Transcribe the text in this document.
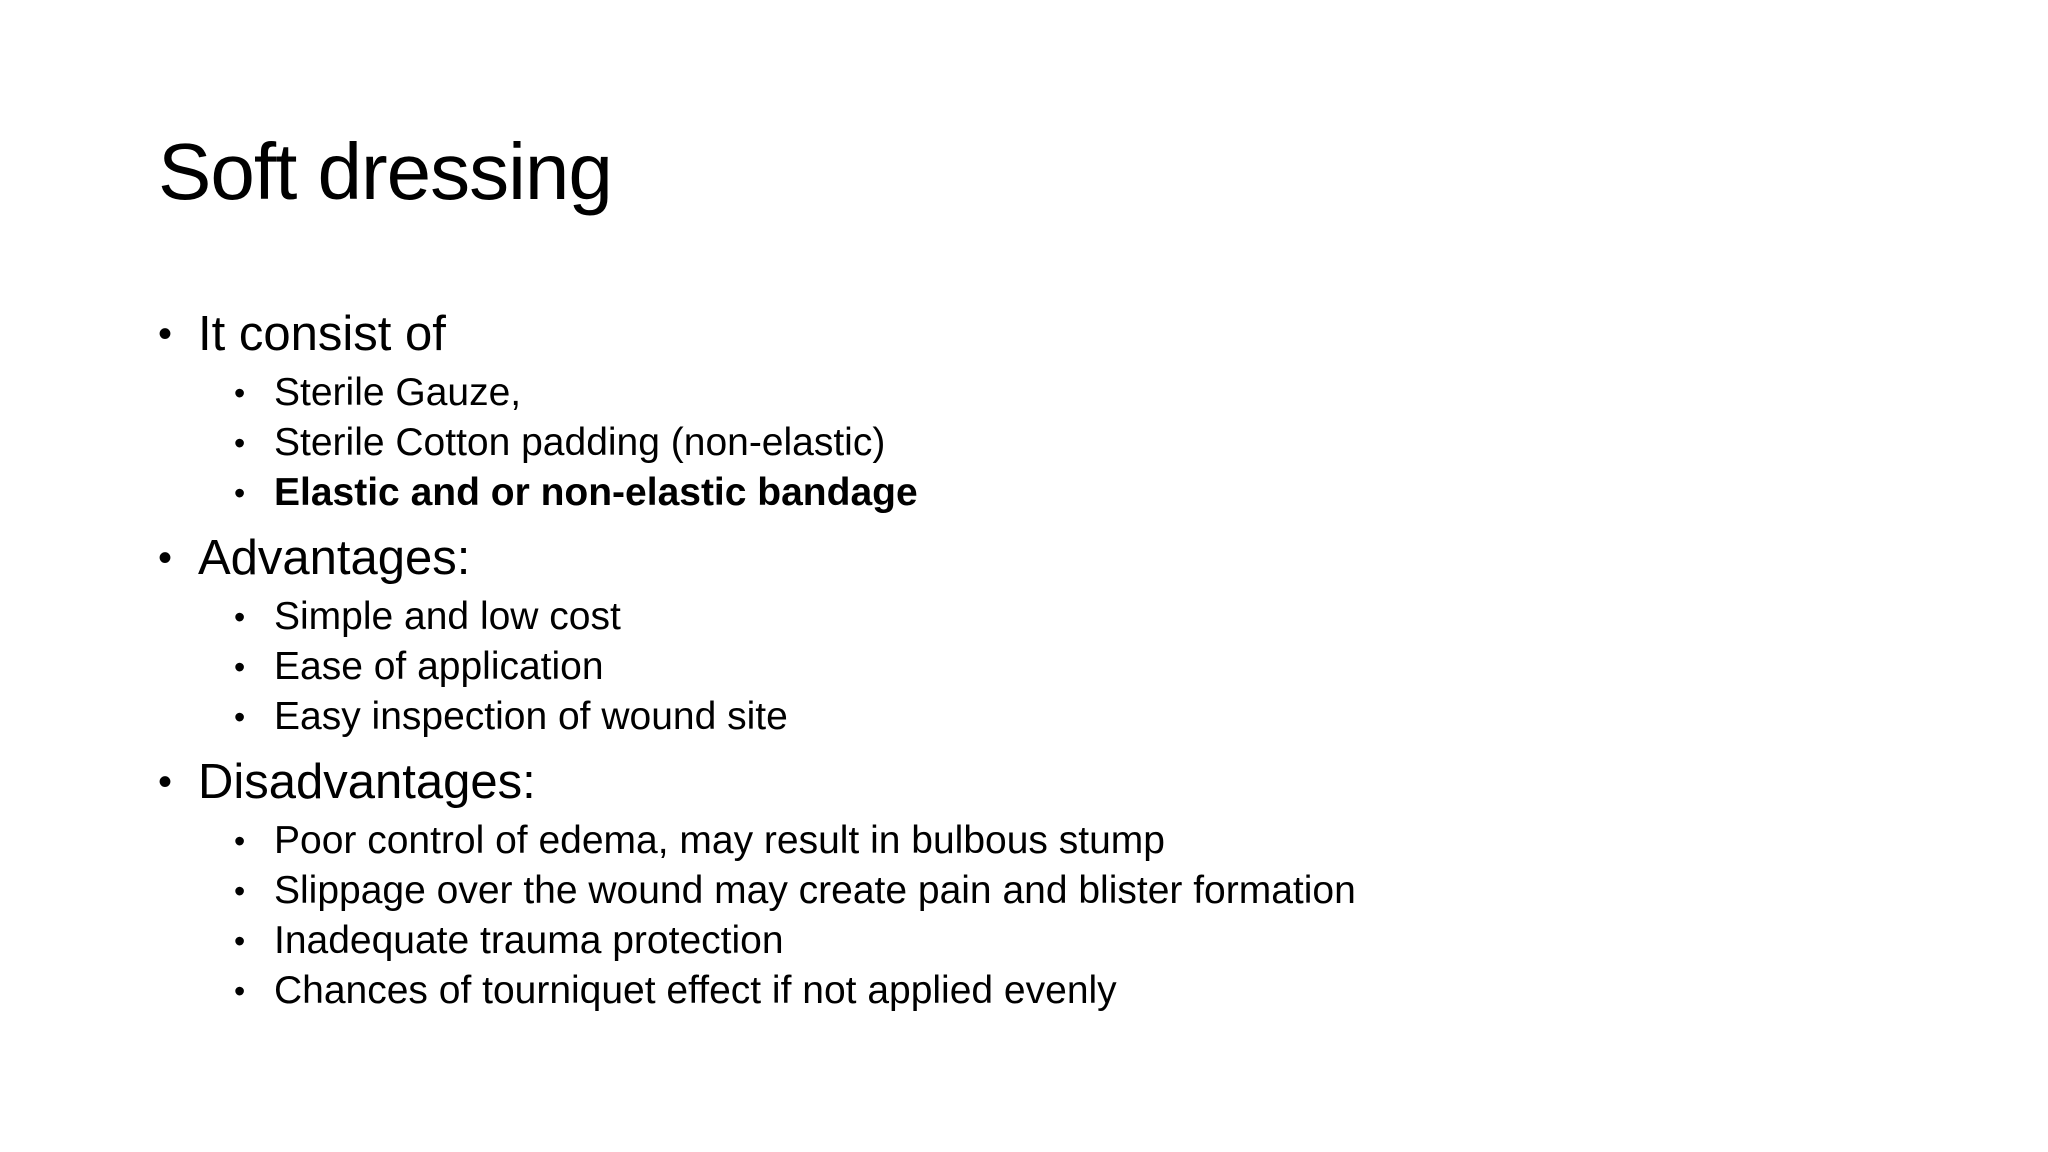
Soft dressing
• It consist of
• Sterile Gauze,
• Sterile Cotton padding (non-elastic)
• Elastic and or non-elastic bandage
• Advantages:
• Simple and low cost
• Ease of application
• Easy inspection of wound site
• Disadvantages:
• Poor control of edema, may result in bulbous stump
• Slippage over the wound may create pain and blister formation
• Inadequate trauma protection
• Chances of tourniquet effect if not applied evenly
